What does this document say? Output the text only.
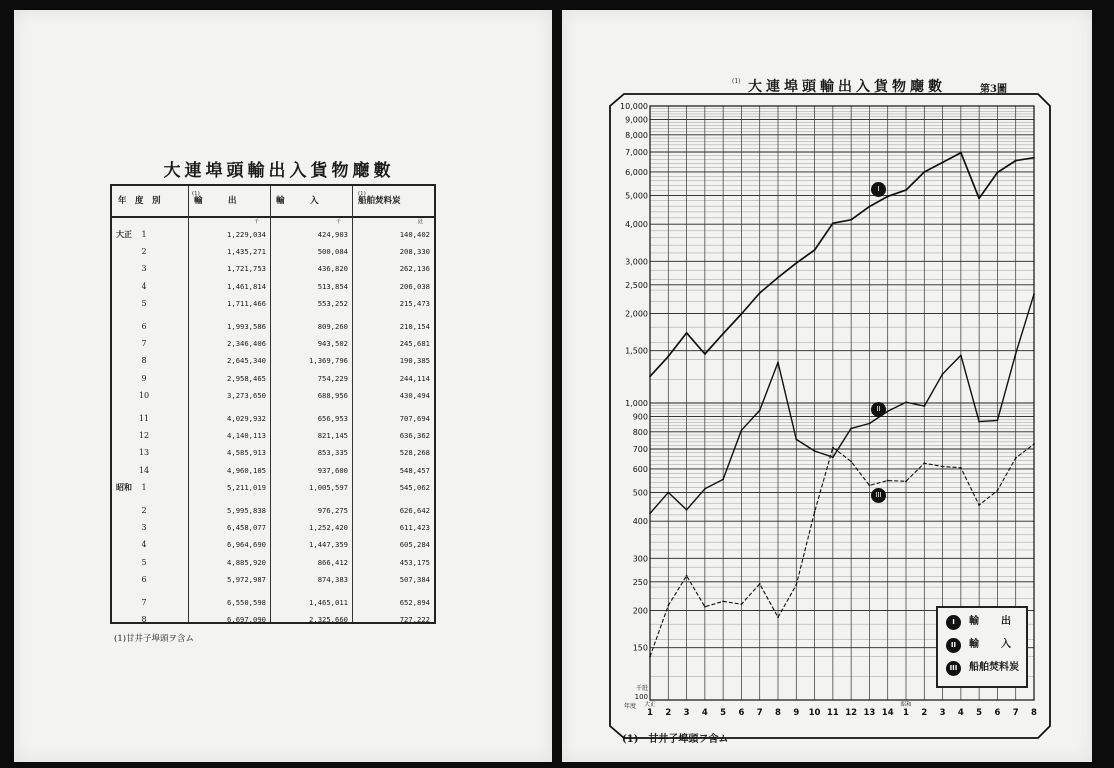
大連埠頭輸出入貨物廰數
年　度　別
(1)
輸　　　出	輸　　　入
(1)
船舶焚料炭
千	千	瓩
大正	1	1,229,034	424,903	140,402
2	1,435,271	500,084	208,330
3	1,721,753	436,820	262,136
4	1,461,814	513,854	206,038
5	1,711,466	553,252	215,473
6	1,993,586	809,260	210,154
7	2,346,406	943,502	245,681
8	2,645,340	1,369,796	190,385
9	2,958,465	754,229	244,114
10	3,273,650	688,956	430,494
11	4,029,932	656,953	707,694
12	4,140,113	821,145	636,362
13	4,585,913	853,335	528,268
14	4,960,105	937,600	548,457
昭和	1	5,211,019	1,005,597	545,062
2	5,995,838	976,275	626,642
3	6,458,077	1,252,420	611,423
4	6,964,690	1,447,359	605,284
5	4,885,920	866,412	453,175
6	5,972,987	874,383	507,384
7	6,550,598	1,465,011	652,894
8	6,697,090	2,325,660	727,222
(1)甘井子埠頭ヲ含ム
(1) 大連埠頭輸出入貨物廰數	第3圖
10,000
9,000
8,000
7,000
6,000
5,000
4,000
3,000
2,500
2,000
1,500
1,000
900
800
700
600
500
400
300
250
200
150
千瓩
100
年度 大正	昭和
1 2 3 4 5 6 7 8 9 10 11 12 13 14 1 2 3 4 5 6 7 8
I
II
III
I 輸　出
II 輸　入
III 船舶焚料炭
(1)　甘井子埠頭ヲ含ム
